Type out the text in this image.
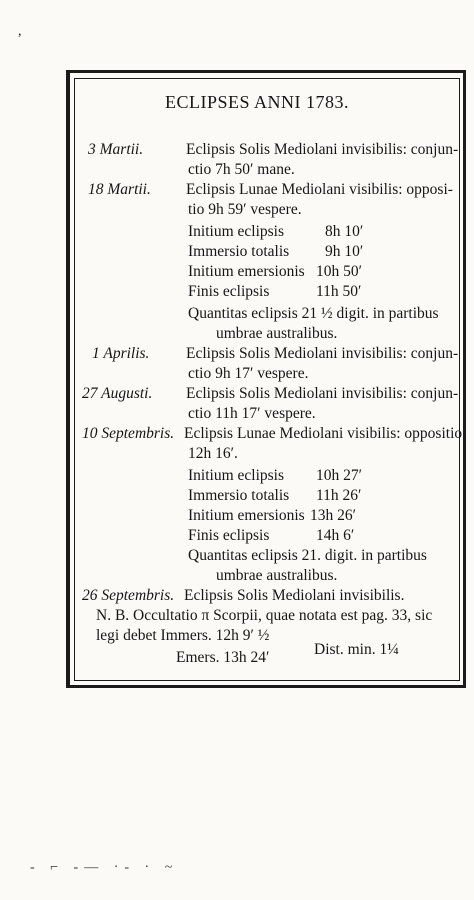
,
ECLIPSES ANNI 1783.
3 Martii.	Eclipsis Solis Mediolani invisibilis: conjun-
ctio 7h 50′ mane.
18 Martii. Eclipsis Lunae Mediolani visibilis: opposi-
tio 9h 59′ vespere.
Initium eclipsis	8h 10′
Immersio totalis 9h 10′
Initium emersionis 10h 50′
Finis eclipsis	11h 50′
Quantitas eclipsis 21 ½ digit. in partibus
umbrae australibus.
1 Aprilis. Eclipsis Solis Mediolani invisibilis: conjun-
ctio 9h 17′ vespere.
27 Augusti. Eclipsis Solis Mediolani invisibilis: conjun-
ctio 11h 17′ vespere.
10 Septembris. Eclipsis Lunae Mediolani visibilis: oppositio
12h 16′.
Initium eclipsis 10h 27′
Immersio totalis 11h 26′
Initium emersionis 13h 26′
Finis eclipsis	14h 6′
Quantitas eclipsis 21. digit. in partibus
umbrae australibus.
26 Septembris. Eclipsis Solis Mediolani invisibilis.
N. B. Occultatio π Scorpii, quae notata est pag. 33, sic
legi debet Immers. 12h 9′ ½
Emers. 13h 24′	Dist. min. 1¼
- ⌐ -— ·- · ~
